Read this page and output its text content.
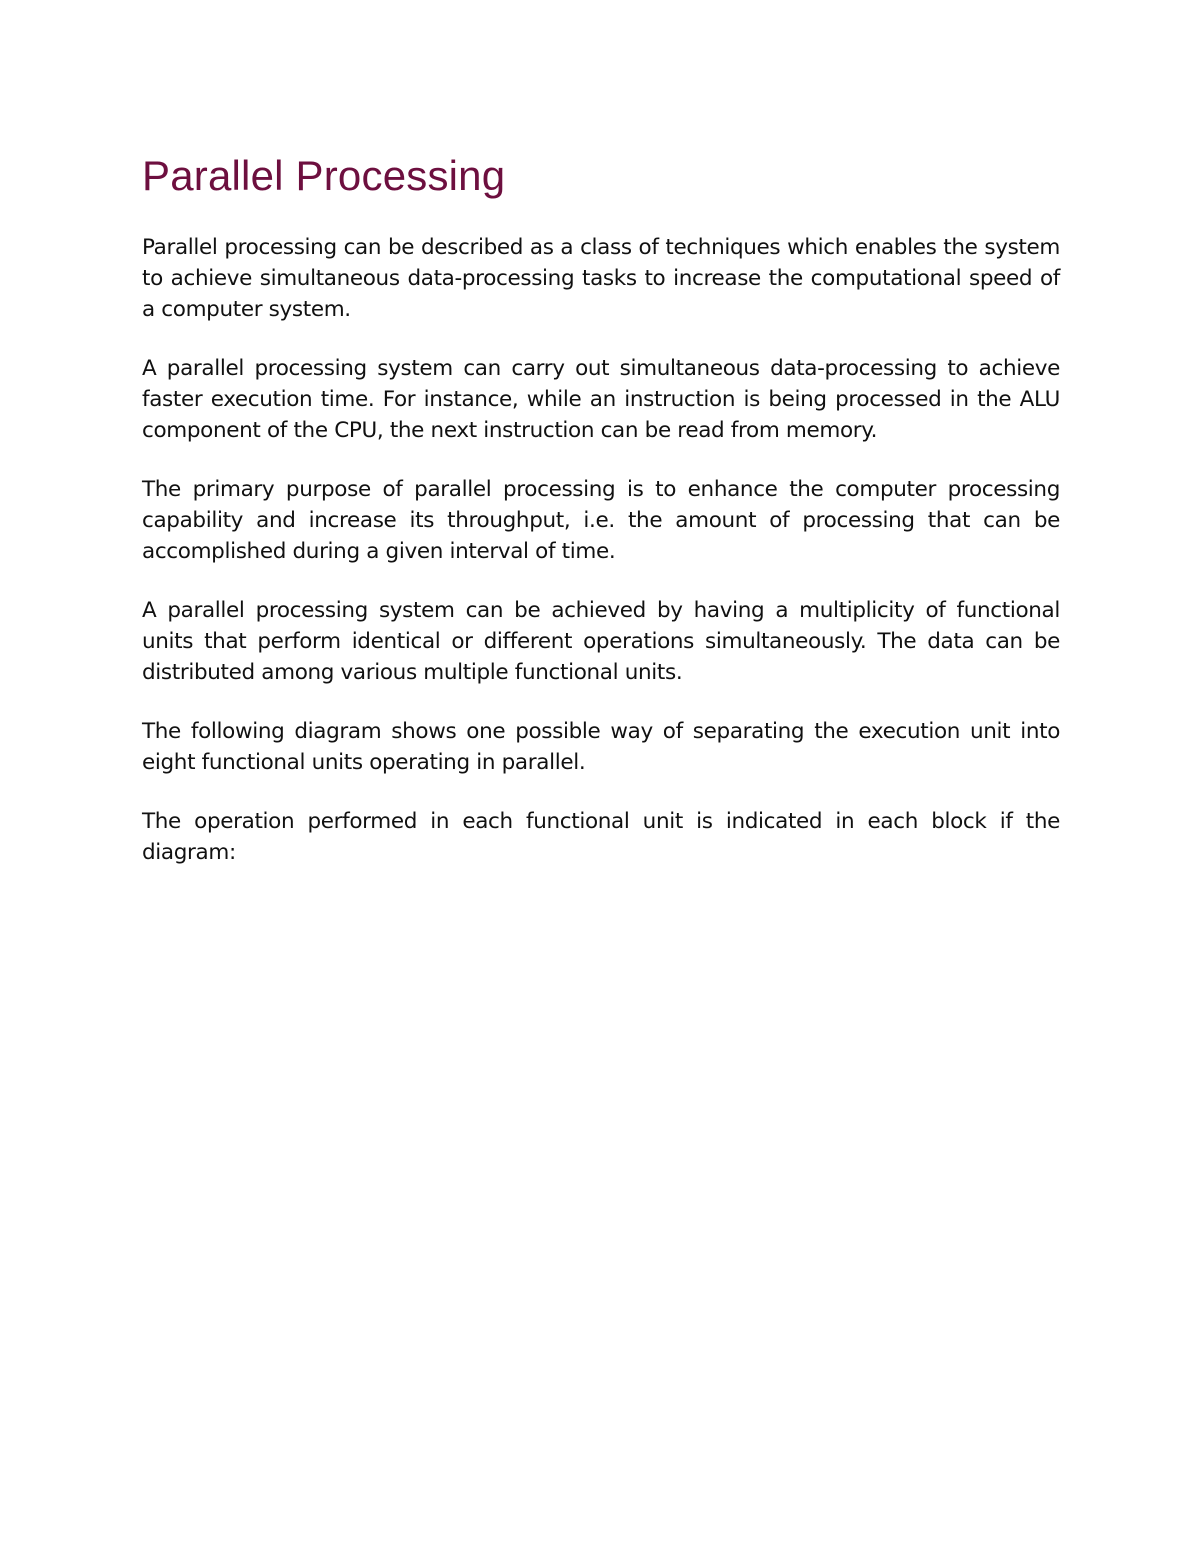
Parallel Processing

Parallel processing can be described as a class of techniques which enables the system to achieve simultaneous data-processing tasks to increase the computational speed of a computer system.

A parallel processing system can carry out simultaneous data-processing to achieve faster execution time. For instance, while an instruction is being processed in the ALU component of the CPU, the next instruction can be read from memory.

The primary purpose of parallel processing is to enhance the computer processing capability and increase its throughput, i.e. the amount of processing that can be accomplished during a given interval of time.

A parallel processing system can be achieved by having a multiplicity of functional units that perform identical or different operations simultaneously. The data can be distributed among various multiple functional units.

The following diagram shows one possible way of separating the execution unit into eight functional units operating in parallel.

The operation performed in each functional unit is indicated in each block if the diagram:
